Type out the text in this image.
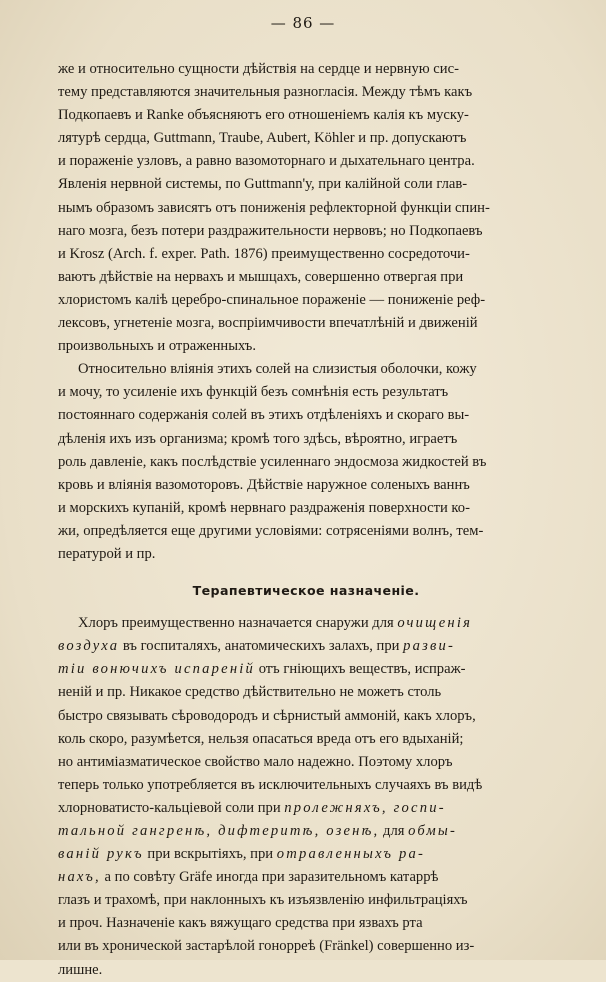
— 86 —

же и относительно сущности дѣйствія на сердце и нервную сис-
тему представляются значительныя разногласія. Между тѣмъ какъ
Подкопаевъ и Ranke объясняютъ его отношеніемъ калія къ муску-
лятурѣ сердца, Guttmann, Traube, Aubert, Köhler и пр. допускаютъ
и пораженіе узловъ, а равно вазомоторнаго и дыхательнаго центра.
Явленія нервной системы, по Guttmann'у, при калійной соли глав-
нымъ образомъ зависятъ отъ пониженія рефлекторной функціи спин-
наго мозга, безъ потери раздражительности нервовъ; но Подкопаевъ
и Krosz (Arch. f. exper. Path. 1876) преимущественно сосредоточи-
ваютъ дѣйствіе на нервахъ и мышцахъ, совершенно отвергая при
хлористомъ каліѣ церебро-спинальное пораженіе — пониженіе реф-
лексовъ, угнетеніе мозга, воспріимчивости впечатлѣній и движеній
произвольныхъ и отраженныхъ.

Относительно вліянія этихъ солей на слизистыя оболочки, кожу
и мочу, то усиленіе ихъ функцій безъ сомнѣнія есть результатъ
постояннаго содержанія солей въ этихъ отдѣленіяхъ и скораго вы-
дѣленія ихъ изъ организма; кромѣ того здѣсь, вѣроятно, играетъ
роль давленіе, какъ послѣдствіе усиленнаго эндосмоза жидкостей въ
кровь и вліянія вазомоторовъ. Дѣйствіе наружное соленыхъ ваннъ
и морскихъ купаній, кромѣ нервнаго раздраженія поверхности ко-
жи, опредѣляется еще другими условіями: сотрясеніями волнъ, тем-
пературой и пр.

Терапевтическое назначеніе.

Хлоръ преимущественно назначается снаружи для очищенія
воздуха въ госпиталяхъ, анатомическихъ залахъ, при разви-
тіи вонючихъ испареній отъ гніющихъ веществъ, испраж-
неній и пр. Никакое средство дѣйствительно не можетъ столь
быстро связывать сѣроводородъ и сѣрнистый аммоній, какъ хлоръ,
коль скоро, разумѣется, нельзя опасаться вреда отъ его вдыханій;
но антиміазматическое свойство мало надежно. Поэтому хлоръ
теперь только употребляется въ исключительныхъ случаяхъ въ видѣ
хлорноватисто-кальціевой соли при пролежняхъ, госпи-
тальной гангренѣ, дифтеритѣ, озенѣ, для обмы-
ваній рукъ при вскрытіяхъ, при отравленныхъ ра-
нахъ, а по совѣту Gräfe иногда при заразительномъ катаррѣ
глазъ и трахомѣ, при наклонныхъ къ изъязвленію инфильтраціяхъ
и проч. Назначеніе какъ вяжущаго средства при язвахъ рта
или въ хронической застарѣлой гонорреѣ (Fränkel) совершенно из-
лишне.
